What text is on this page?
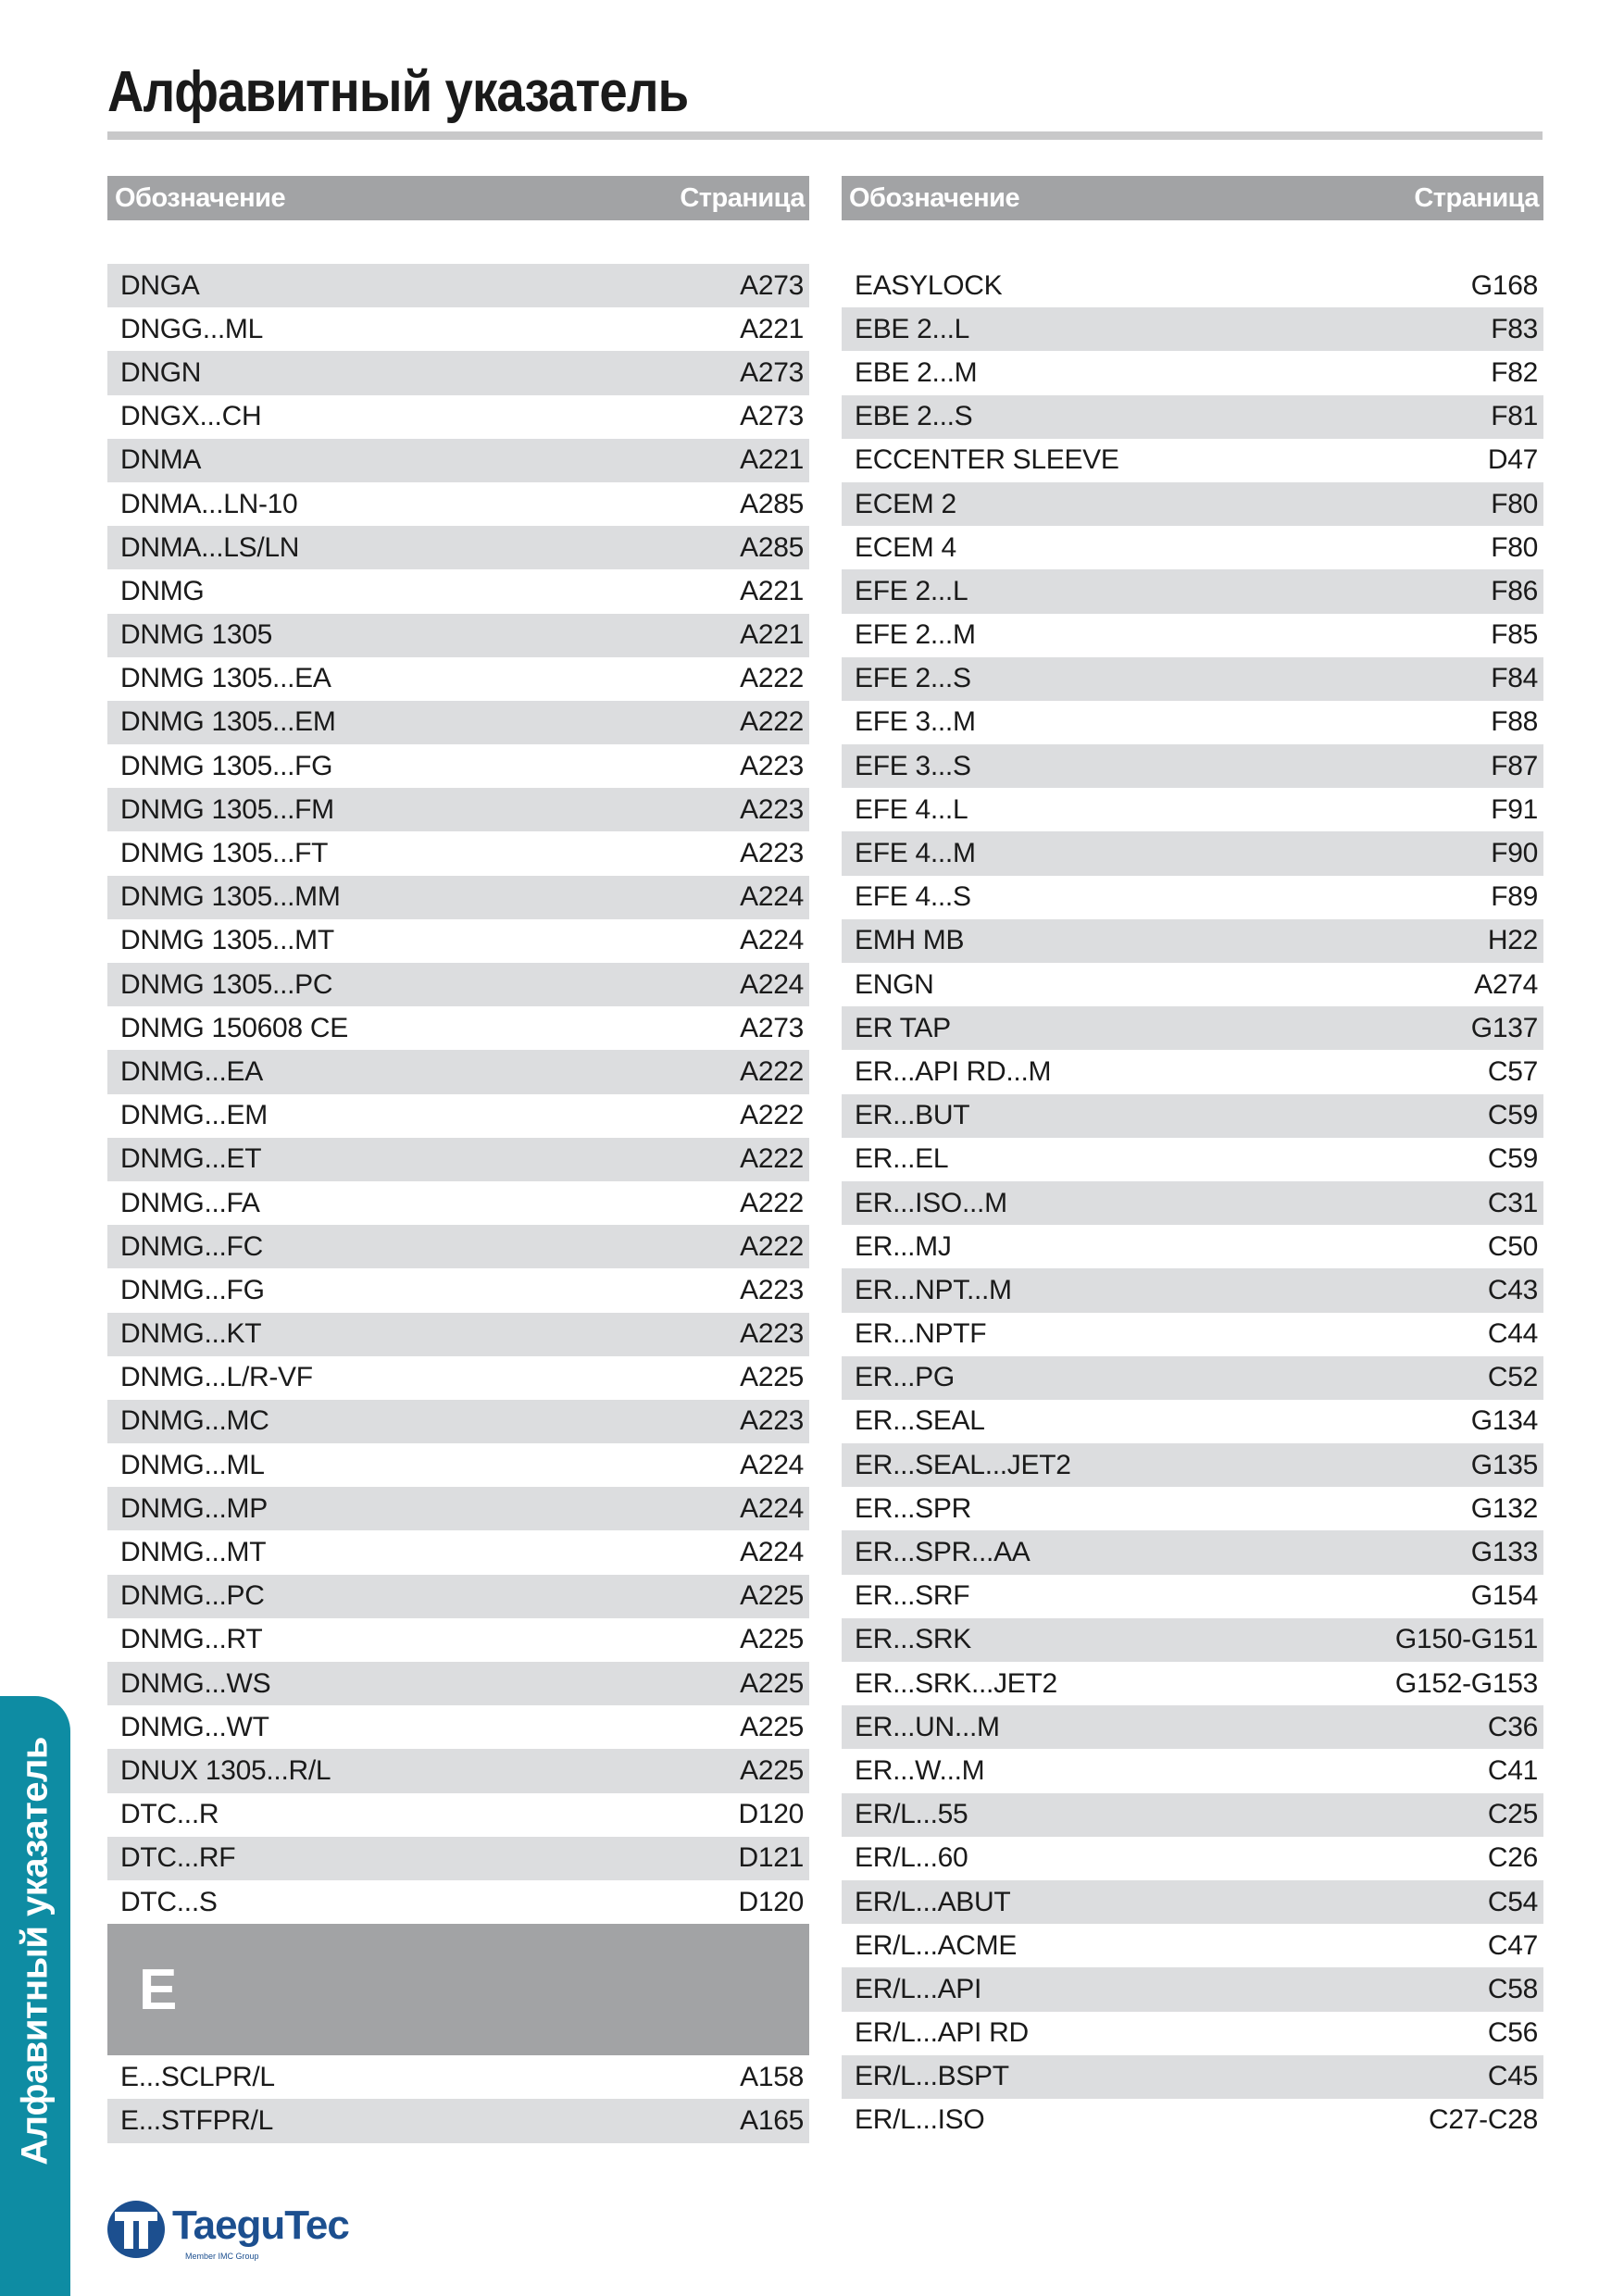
Алфавитный указатель
Обозначение	Страница
DNGA	A273
DNGG...ML	A221
DNGN	A273
DNGX...CH	A273
DNMA	A221
DNMA...LN-10	A285
DNMA...LS/LN	A285
DNMG	A221
DNMG 1305	A221
DNMG 1305...EA	A222
DNMG 1305...EM	A222
DNMG 1305...FG	A223
DNMG 1305...FM	A223
DNMG 1305...FT	A223
DNMG 1305...MM	A224
DNMG 1305...MT	A224
DNMG 1305...PC	A224
DNMG 150608 CE	A273
DNMG...EA	A222
DNMG...EM	A222
DNMG...ET	A222
DNMG...FA	A222
DNMG...FC	A222
DNMG...FG	A223
DNMG...KT	A223
DNMG...L/R-VF	A225
DNMG...MC	A223
DNMG...ML	A224
DNMG...MP	A224
DNMG...MT	A224
DNMG...PC	A225
DNMG...RT	A225
DNMG...WS	A225
DNMG...WT	A225
DNUX 1305...R/L	A225
DTC...R	D120
DTC...RF	D121
DTC...S	D120
E
E...SCLPR/L	A158
E...STFPR/L	A165
Обозначение	Страница
EASYLOCK	G168
EBE 2...L	F83
EBE 2...M	F82
EBE 2...S	F81
ECCENTER SLEEVE	D47
ECEM 2	F80
ECEM 4	F80
EFE 2...L	F86
EFE 2...M	F85
EFE 2...S	F84
EFE 3...M	F88
EFE 3...S	F87
EFE 4...L	F91
EFE 4...M	F90
EFE 4...S	F89
EMH MB	H22
ENGN	A274
ER TAP	G137
ER...API RD...M	C57
ER...BUT	C59
ER...EL	C59
ER...ISO...M	C31
ER...MJ	C50
ER...NPT...M	C43
ER...NPTF	C44
ER...PG	C52
ER...SEAL	G134
ER...SEAL...JET2	G135
ER...SPR	G132
ER...SPR...AA	G133
ER...SRF	G154
ER...SRK	G150-G151
ER...SRK...JET2	G152-G153
ER...UN...M	C36
ER...W...M	C41
ER/L...55	C25
ER/L...60	C26
ER/L...ABUT	C54
ER/L...ACME	C47
ER/L...API	C58
ER/L...API RD	C56
ER/L...BSPT	C45
ER/L...ISO	C27-C28
Алфавитный указатель
TaeguTec
Member IMC Group
